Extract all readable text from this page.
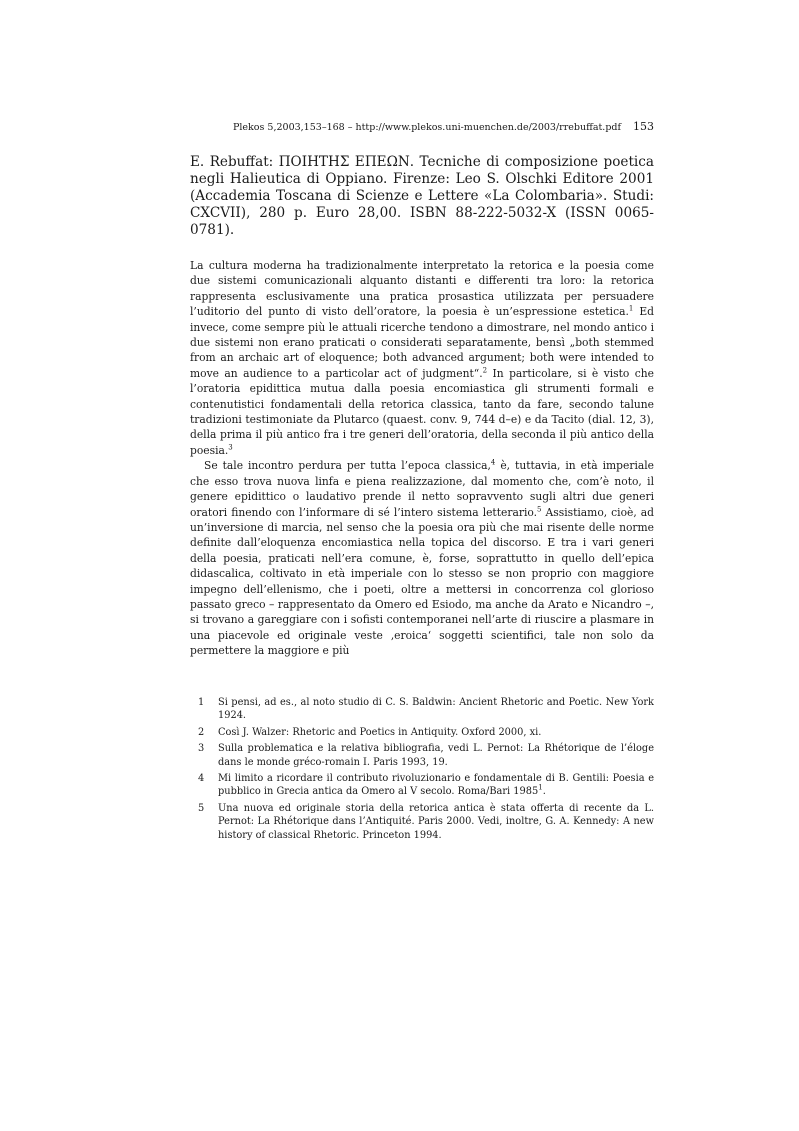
Plekos 5,2003,153–168 – http://www.plekos.uni-muenchen.de/2003/rrebuffat.pdf 153
E. Rebuffat: ΠΟΙΗΤΗΣ ΕΠΕΩΝ. Tecniche di composizione poetica negli Halieutica di Oppiano. Firenze: Leo S. Olschki Editore 2001 (Accademia Toscana di Scienze e Lettere «La Colombaria». Studi: CXCVII), 280 p. Euro 28,00. ISBN 88-222-5032-X (ISSN 0065-0781).

La cultura moderna ha tradizionalmente interpretato la retorica e la poesia come due sistemi comunicazionali alquanto distanti e differenti tra loro: la retorica rappresenta esclusivamente una pratica prosastica utilizzata per persuadere l’uditorio del punto di visto dell’oratore, la poesia è un’espressione estetica.$^1$ Ed invece, come sempre più le attuali ricerche tendono a dimostrare, nel mondo antico i due sistemi non erano praticati o considerati separatamente, bensì „both stemmed from an archaic art of eloquence; both advanced argument; both were intended to move an audience to a particolar act of judgment“.$^2$ In particolare, si è visto che l’oratoria epidittica mutua dalla poesia encomiastica gli strumenti formali e contenutistici fondamentali della retorica classica, tanto da fare, secondo talune tradizioni testimoniate da Plutarco (quaest. conv. 9, 744 d–e) e da Tacito (dial. 12, 3), della prima il più antico fra i tre generi dell’oratoria, della seconda il più antico della poesia.$^3$

Se tale incontro perdura per tutta l’epoca classica,$^4$ è, tuttavia, in età imperiale che esso trova nuova linfa e piena realizzazione, dal momento che, com’è noto, il genere epidittico o laudativo prende il netto sopravvento sugli altri due generi oratori finendo con l’informare di sé l’intero sistema letterario.$^5$ Assistiamo, cioè, ad un’inversione di marcia, nel senso che la poesia ora più che mai risente delle norme definite dall’eloquenza encomiastica nella topica del discorso. E tra i vari generi della poesia, praticati nell’era comune, è, forse, soprattutto in quello dell’epica didascalica, coltivato in età imperiale con lo stesso se non proprio con maggiore impegno dell’ellenismo, che i poeti, oltre a mettersi in concorrenza col glorioso passato greco – rappresentato da Omero ed Esiodo, ma anche da Arato e Nicandro –, si trovano a gareggiare con i sofisti contemporanei nell’arte di riuscire a plasmare in una piacevole ed originale veste ‚eroica‘ soggetti scientifici, tale non solo da permettere la maggiore e più

1	Si pensi, ad es., al noto studio di C. S. Baldwin: Ancient Rhetoric and Poetic. New York 1924.
2	Così J. Walzer: Rhetoric and Poetics in Antiquity. Oxford 2000, xi.
3	Sulla problematica e la relativa bibliografia, vedi L. Pernot: La Rhétorique de l’éloge dans le monde gréco-romain I. Paris 1993, 19.
4	Mi limito a ricordare il contributo rivoluzionario e fondamentale di B. Gentili: Poesia e pubblico in Grecia antica da Omero al V secolo. Roma/Bari 1985$^1$.
5	Una nuova ed originale storia della retorica antica è stata offerta di recente da L. Pernot: La Rhétorique dans l’Antiquité. Paris 2000. Vedi, inoltre, G. A. Kennedy: A new history of classical Rhetoric. Princeton 1994.
